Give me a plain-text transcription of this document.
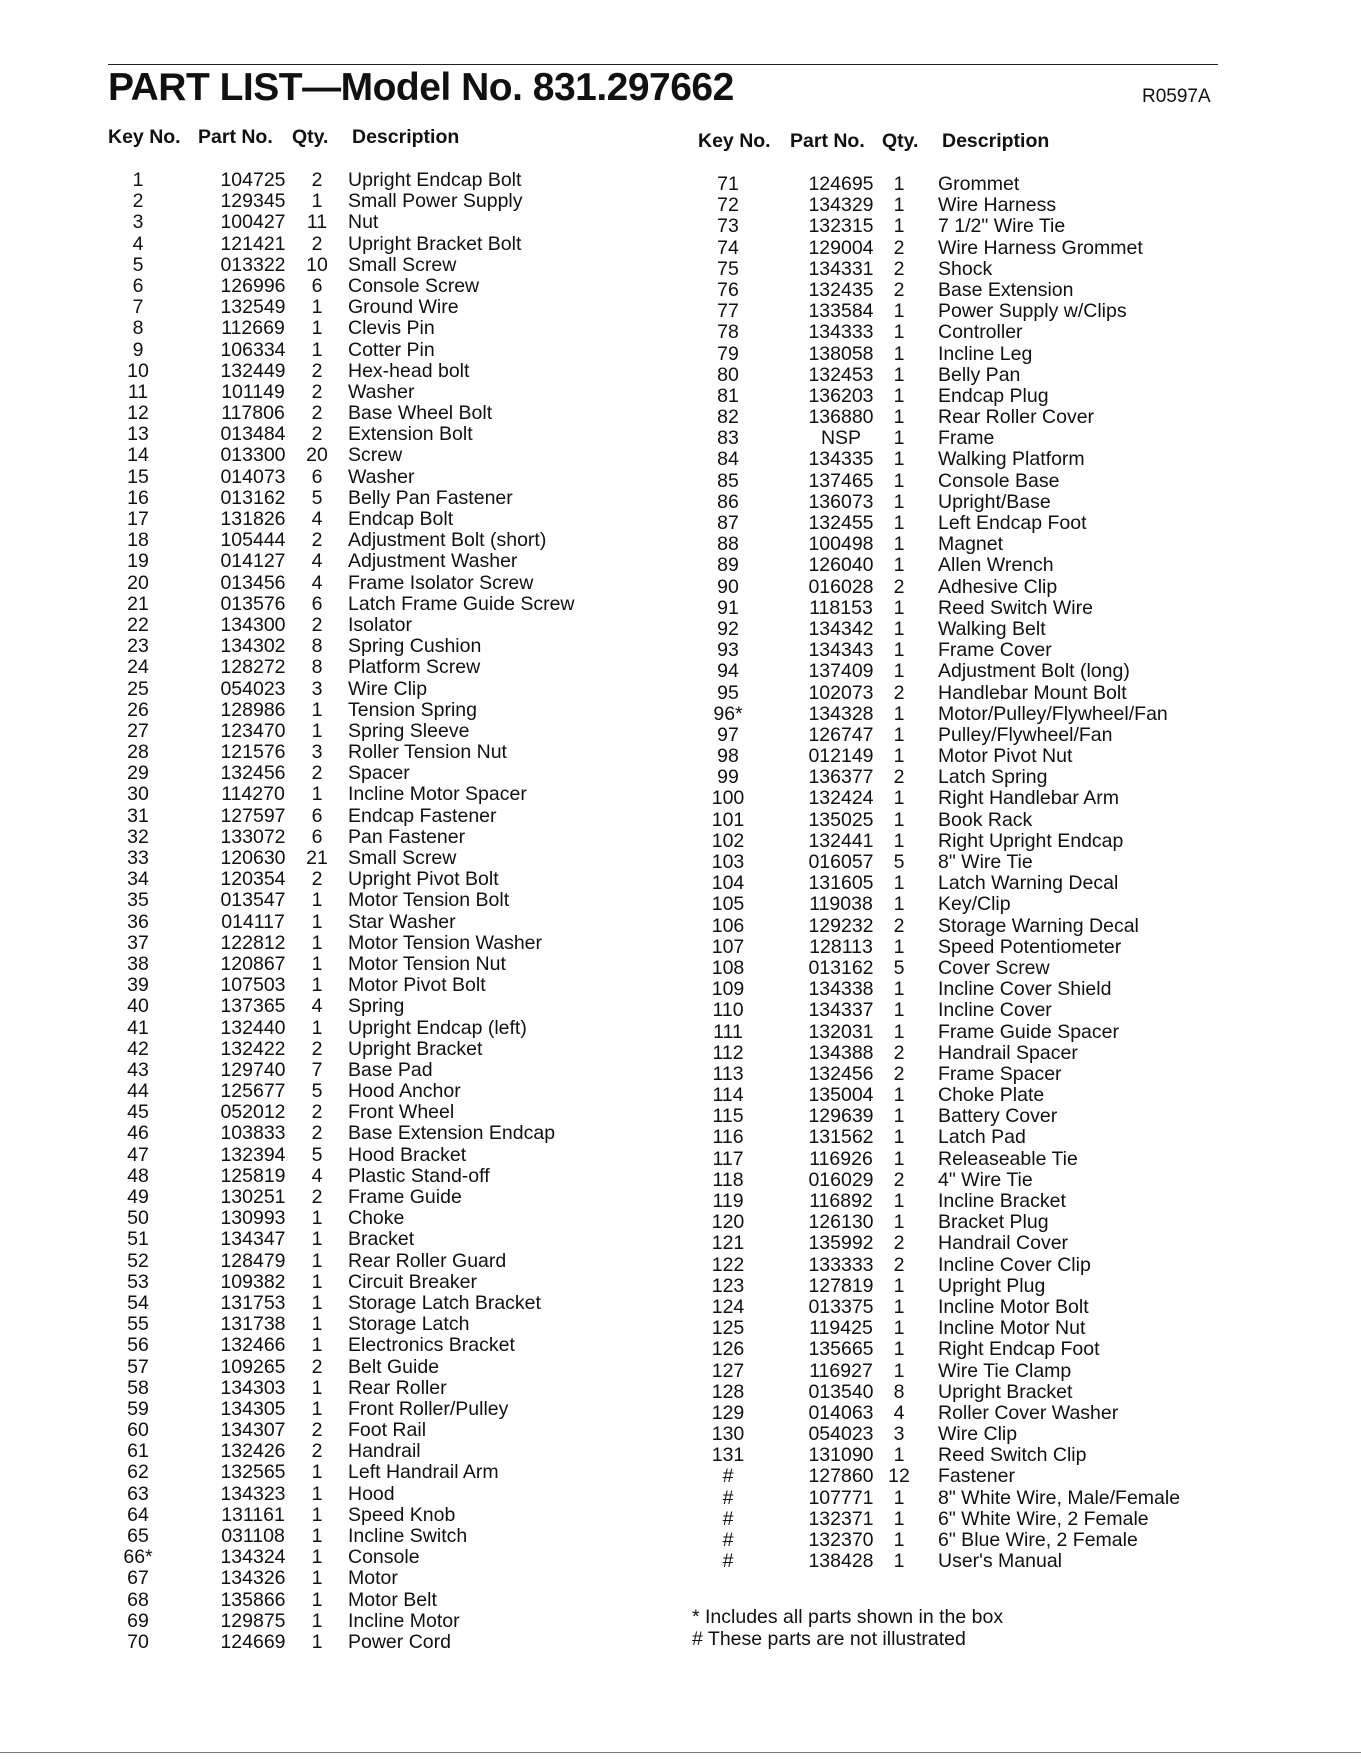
PART LIST—Model No. 831.297662	R0597A
Key No. Part No. Qty. Description
1	104725	2	Upright Endcap Bolt
2	129345	1	Small Power Supply
3	100427	11 Nut
4	121421	2	Upright Bracket Bolt
5	013322	10 Small Screw
6	126996	6	Console Screw
7	132549	1	Ground Wire
8	112669	1	Clevis Pin
9	106334	1	Cotter Pin
10	132449	2	Hex-head bolt
11	101149	2	Washer
12	117806	2	Base Wheel Bolt
13	013484	2	Extension Bolt
14	013300	20 Screw
15	014073	6	Washer
16	013162	5	Belly Pan Fastener
17	131826	4	Endcap Bolt
18	105444	2	Adjustment Bolt (short)
19	014127	4	Adjustment Washer
20	013456	4	Frame Isolator Screw
21	013576	6	Latch Frame Guide Screw
22	134300	2	Isolator
23	134302	8	Spring Cushion
24	128272	8	Platform Screw
25	054023	3	Wire Clip
26	128986	1	Tension Spring
27	123470	1	Spring Sleeve
28	121576	3	Roller Tension Nut
29	132456	2	Spacer
30	114270	1	Incline Motor Spacer
31	127597	6	Endcap Fastener
32	133072	6	Pan Fastener
33	120630	21 Small Screw
34	120354	2	Upright Pivot Bolt
35	013547	1	Motor Tension Bolt
36	014117	1	Star Washer
37	122812	1	Motor Tension Washer
38	120867	1	Motor Tension Nut
39	107503	1	Motor Pivot Bolt
40	137365	4	Spring
41	132440	1	Upright Endcap (left)
42	132422	2	Upright Bracket
43	129740	7	Base Pad
44	125677	5	Hood Anchor
45	052012	2	Front Wheel
46	103833	2	Base Extension Endcap
47	132394	5	Hood Bracket
48	125819	4	Plastic Stand-off
49	130251	2	Frame Guide
50	130993	1	Choke
51	134347	1	Bracket
52	128479	1	Rear Roller Guard
53	109382	1	Circuit Breaker
54	131753	1	Storage Latch Bracket
55	131738	1	Storage Latch
56	132466	1	Electronics Bracket
57	109265	2	Belt Guide
58	134303	1	Rear Roller
59	134305	1	Front Roller/Pulley
60	134307	2	Foot Rail
61	132426	2	Handrail
62	132565	1	Left Handrail Arm
63	134323	1	Hood
64	131161	1	Speed Knob
65	031108	1	Incline Switch
66*	134324	1	Console
67	134326	1	Motor
68	135866	1	Motor Belt
69	129875	1	Incline Motor
70	124669	1	Power Cord
Key No. Part No. Qty. Description
71	124695	1	Grommet
72	134329	1	Wire Harness
73	132315	1	7 1/2" Wire Tie
74	129004	2	Wire Harness Grommet
75	134331	2	Shock
76	132435	2	Base Extension
77	133584	1	Power Supply w/Clips
78	134333	1	Controller
79	138058	1	Incline Leg
80	132453	1	Belly Pan
81	136203	1	Endcap Plug
82	136880	1	Rear Roller Cover
83	NSP	1	Frame
84	134335	1	Walking Platform
85	137465	1	Console Base
86	136073	1	Upright/Base
87	132455	1	Left Endcap Foot
88	100498	1	Magnet
89	126040	1	Allen Wrench
90	016028	2	Adhesive Clip
91	118153	1	Reed Switch Wire
92	134342	1	Walking Belt
93	134343	1	Frame Cover
94	137409	1	Adjustment Bolt (long)
95	102073	2	Handlebar Mount Bolt
96*	134328	1	Motor/Pulley/Flywheel/Fan
97	126747	1	Pulley/Flywheel/Fan
98	012149	1	Motor Pivot Nut
99	136377	2	Latch Spring
100	132424	1	Right Handlebar Arm
101	135025	1	Book Rack
102	132441	1	Right Upright Endcap
103	016057	5	8" Wire Tie
104	131605	1	Latch Warning Decal
105	119038	1	Key/Clip
106	129232	2	Storage Warning Decal
107	128113	1	Speed Potentiometer
108	013162	5	Cover Screw
109	134338	1	Incline Cover Shield
110	134337	1	Incline Cover
111	132031	1	Frame Guide Spacer
112	134388	2	Handrail Spacer
113	132456	2	Frame Spacer
114	135004	1	Choke Plate
115	129639	1	Battery Cover
116	131562	1	Latch Pad
117	116926	1	Releaseable Tie
118	016029	2	4" Wire Tie
119	116892	1	Incline Bracket
120	126130	1	Bracket Plug
121	135992	2	Handrail Cover
122	133333	2	Incline Cover Clip
123	127819	1	Upright Plug
124	013375	1	Incline Motor Bolt
125	119425	1	Incline Motor Nut
126	135665	1	Right Endcap Foot
127	116927	1	Wire Tie Clamp
128	013540	8	Upright Bracket
129	014063	4	Roller Cover Washer
130	054023	3	Wire Clip
131	131090	1	Reed Switch Clip
#	127860 12 Fastener
#	107771	1	8" White Wire, Male/Female
#	132371	1	6" White Wire, 2 Female
#	132370	1	6" Blue Wire, 2 Female
#	138428	1	User's Manual
* Includes all parts shown in the box
# These parts are not illustrated
